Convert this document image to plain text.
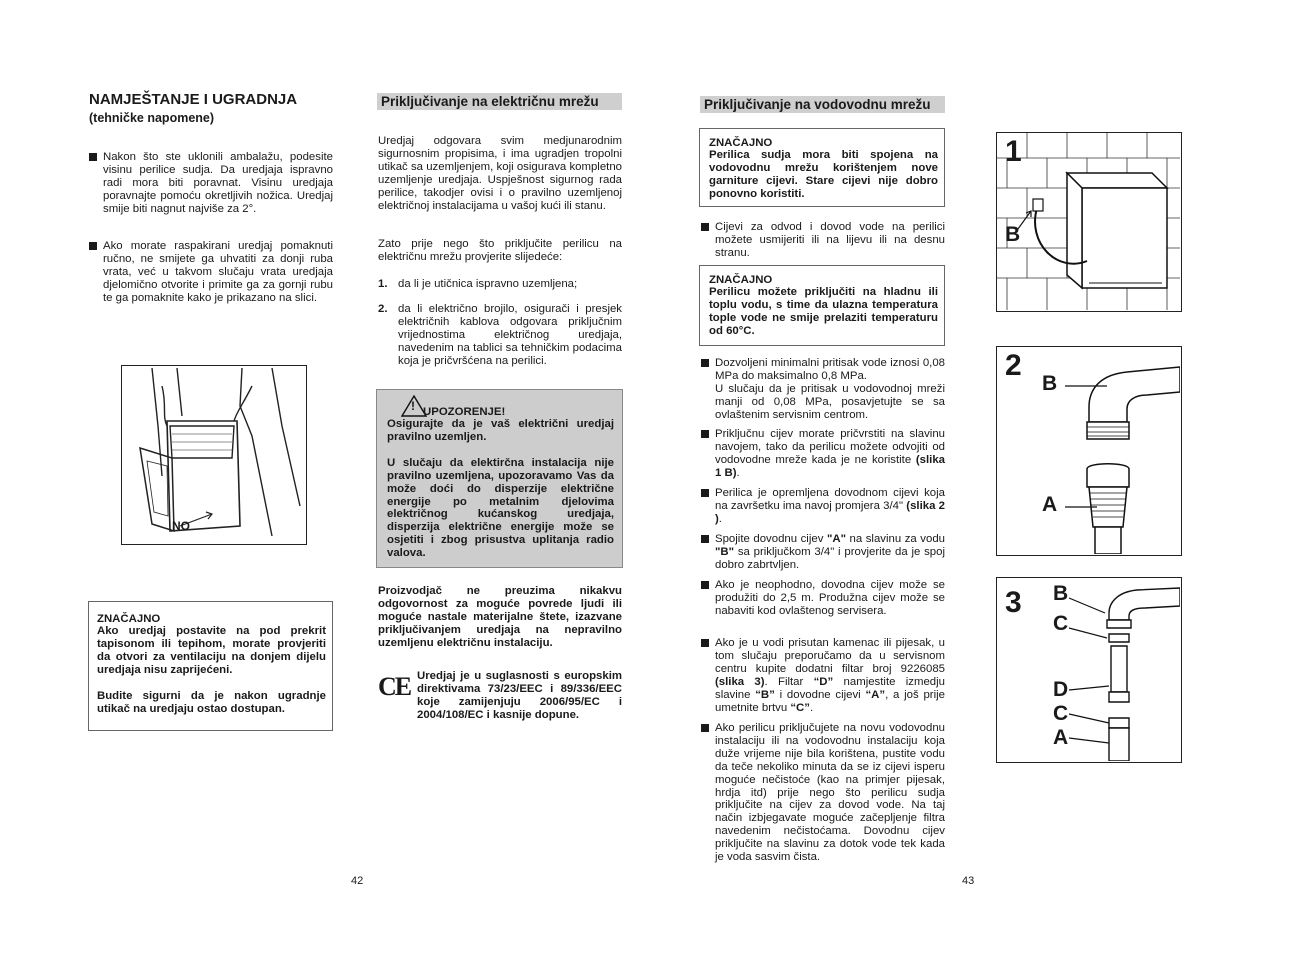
NAMJEŠTANJE I UGRADNJA
(tehničke napomene)
Nakon što ste uklonili ambalažu, podesite visinu perilice sudja. Da uredjaja ispravno radi mora biti poravnat. Visinu uredjaja poravnajte pomoću okretljivih nožica. Uredjaj smije biti nagnut najviše za 2°.
Ako morate raspakirani uredjaj pomaknuti ručno, ne smijete ga uhvatiti za donji ruba vrata, već u takvom slučaju vrata uredjaja djelomično otvorite i primite ga za gornji rubu te ga pomaknite kako je prikazano na slici.
NO
ZNAČAJNO
Ako uredjaj postavite na pod prekrit tapisonom ili tepihom, morate provjeriti da otvori za ventilaciju na donjem dijelu uredjaja nisu zaprijećeni.
Budite sigurni da je nakon ugradnje utikač na uredjaju ostao dostupan.
42
Priključivanje na električnu mrežu
Uredjaj odgovara svim medjunarodnim sigurnosnim propisima, i ima ugradjen tropolni utikač sa uzemljenjem, koji osigurava kompletno uzemljenje uredjaja. Uspješnost sigurnog rada perilice, takodjer ovisi i o pravilno uzemljenoj električnoj instalacijama u vašoj kući ili stanu.
Zato prije nego što priključite perilicu na električnu mrežu provjerite slijedeće:
1. da li je utičnica ispravno uzemljena;
2. da li električno brojilo, osigurači i presjek električnih kablova odgovara priključnim vrijednostima električnog uredjaja, navedenim na tablici sa tehničkim podacima koja je pričvršćena na perilici.
! UPOZORENJE!
Osigurajte da je vaš električni uredjaj pravilno uzemljen.
U slučaju da elektirčna instalacija nije pravilno uzemljena, upozoravamo Vas da može doći do disperzije električne energije po metalnim djelovima električnog kućanskog uredjaja, disperzija električne energije može se osjetiti i zbog prisustva uplitanja radio valova.
Proizvodjač ne preuzima nikakvu odgovornost za moguće povrede ljudi ili moguće nastale materijalne štete, izazvane priključivanjem uredjaja na nepravilno uzemljenu električnu instalaciju.
CE Uredjaj je u suglasnosti s europskim direktivama 73/23/EEC i 89/336/EEC koje zamijenjuju 2006/95/EC i 2004/108/EC i kasnije dopune.
Priključivanje na vodovodnu mrežu
ZNAČAJNO
Perilica sudja mora biti spojena na vodovodnu mrežu korištenjem nove garniture cijevi. Stare cijevi nije dobro ponovno koristiti.
Cijevi za odvod i dovod vode na perilici možete usmijeriti ili na lijevu ili na desnu stranu.
ZNAČAJNO
Perilicu možete priključiti na hladnu ili toplu vodu, s time da ulazna temperatura tople vode ne smije prelaziti temperaturu od 60°C.
Dozvoljeni minimalni pritisak vode iznosi 0,08 MPa do maksimalno 0,8 MPa.
U slučaju da je pritisak u vodovodnoj mreži manji od 0,08 MPa, posavjetujte se sa ovlaštenim servisnim centrom.
Priključnu cijev morate pričvrstiti na slavinu navojem, tako da perilicu možete odvojiti od vodovodne mreže kada je ne koristite (slika 1 B).
Perilica je opremljena dovodnom cijevi koja na završetku ima navoj promjera 3/4" (slika 2 ).
Spojite dovodnu cijev "A" na slavinu za vodu "B" sa priključkom 3/4" i provjerite da je spoj dobro zabrtvljen.
Ako je neophodno, dovodna cijev može se produžiti do 2,5 m. Produžna cijev može se nabaviti kod ovlaštenog servisera.
Ako je u vodi prisutan kamenac ili pijesak, u tom slučaju preporučamo da u servisnom centru kupite dodatni filtar broj 9226085 (slika 3). Filtar “D” namjestite izmedju slavine “B” i dovodne cijevi “A”, a još prije umetnite brtvu “C”.
Ako perilicu priključujete na novu vodovodnu instalaciju ili na vodovodnu instalaciju koja duže vrijeme nije bila korištena, pustite vodu da teče nekoliko minuta da se iz cijevi isperu moguće nečistoće (kao na primjer pijesak, hrdja itd) prije nego što perilicu sudja priključite na cijev za dovod vode. Na taj način izbjegavate moguće začepljenje filtra navedenim nečistoćama. Dovodnu cijev priključite na slavinu za dotok vode tek kada je voda sasvim čista.
43
1
B
2
B
A
3 B
C
D
C
A
